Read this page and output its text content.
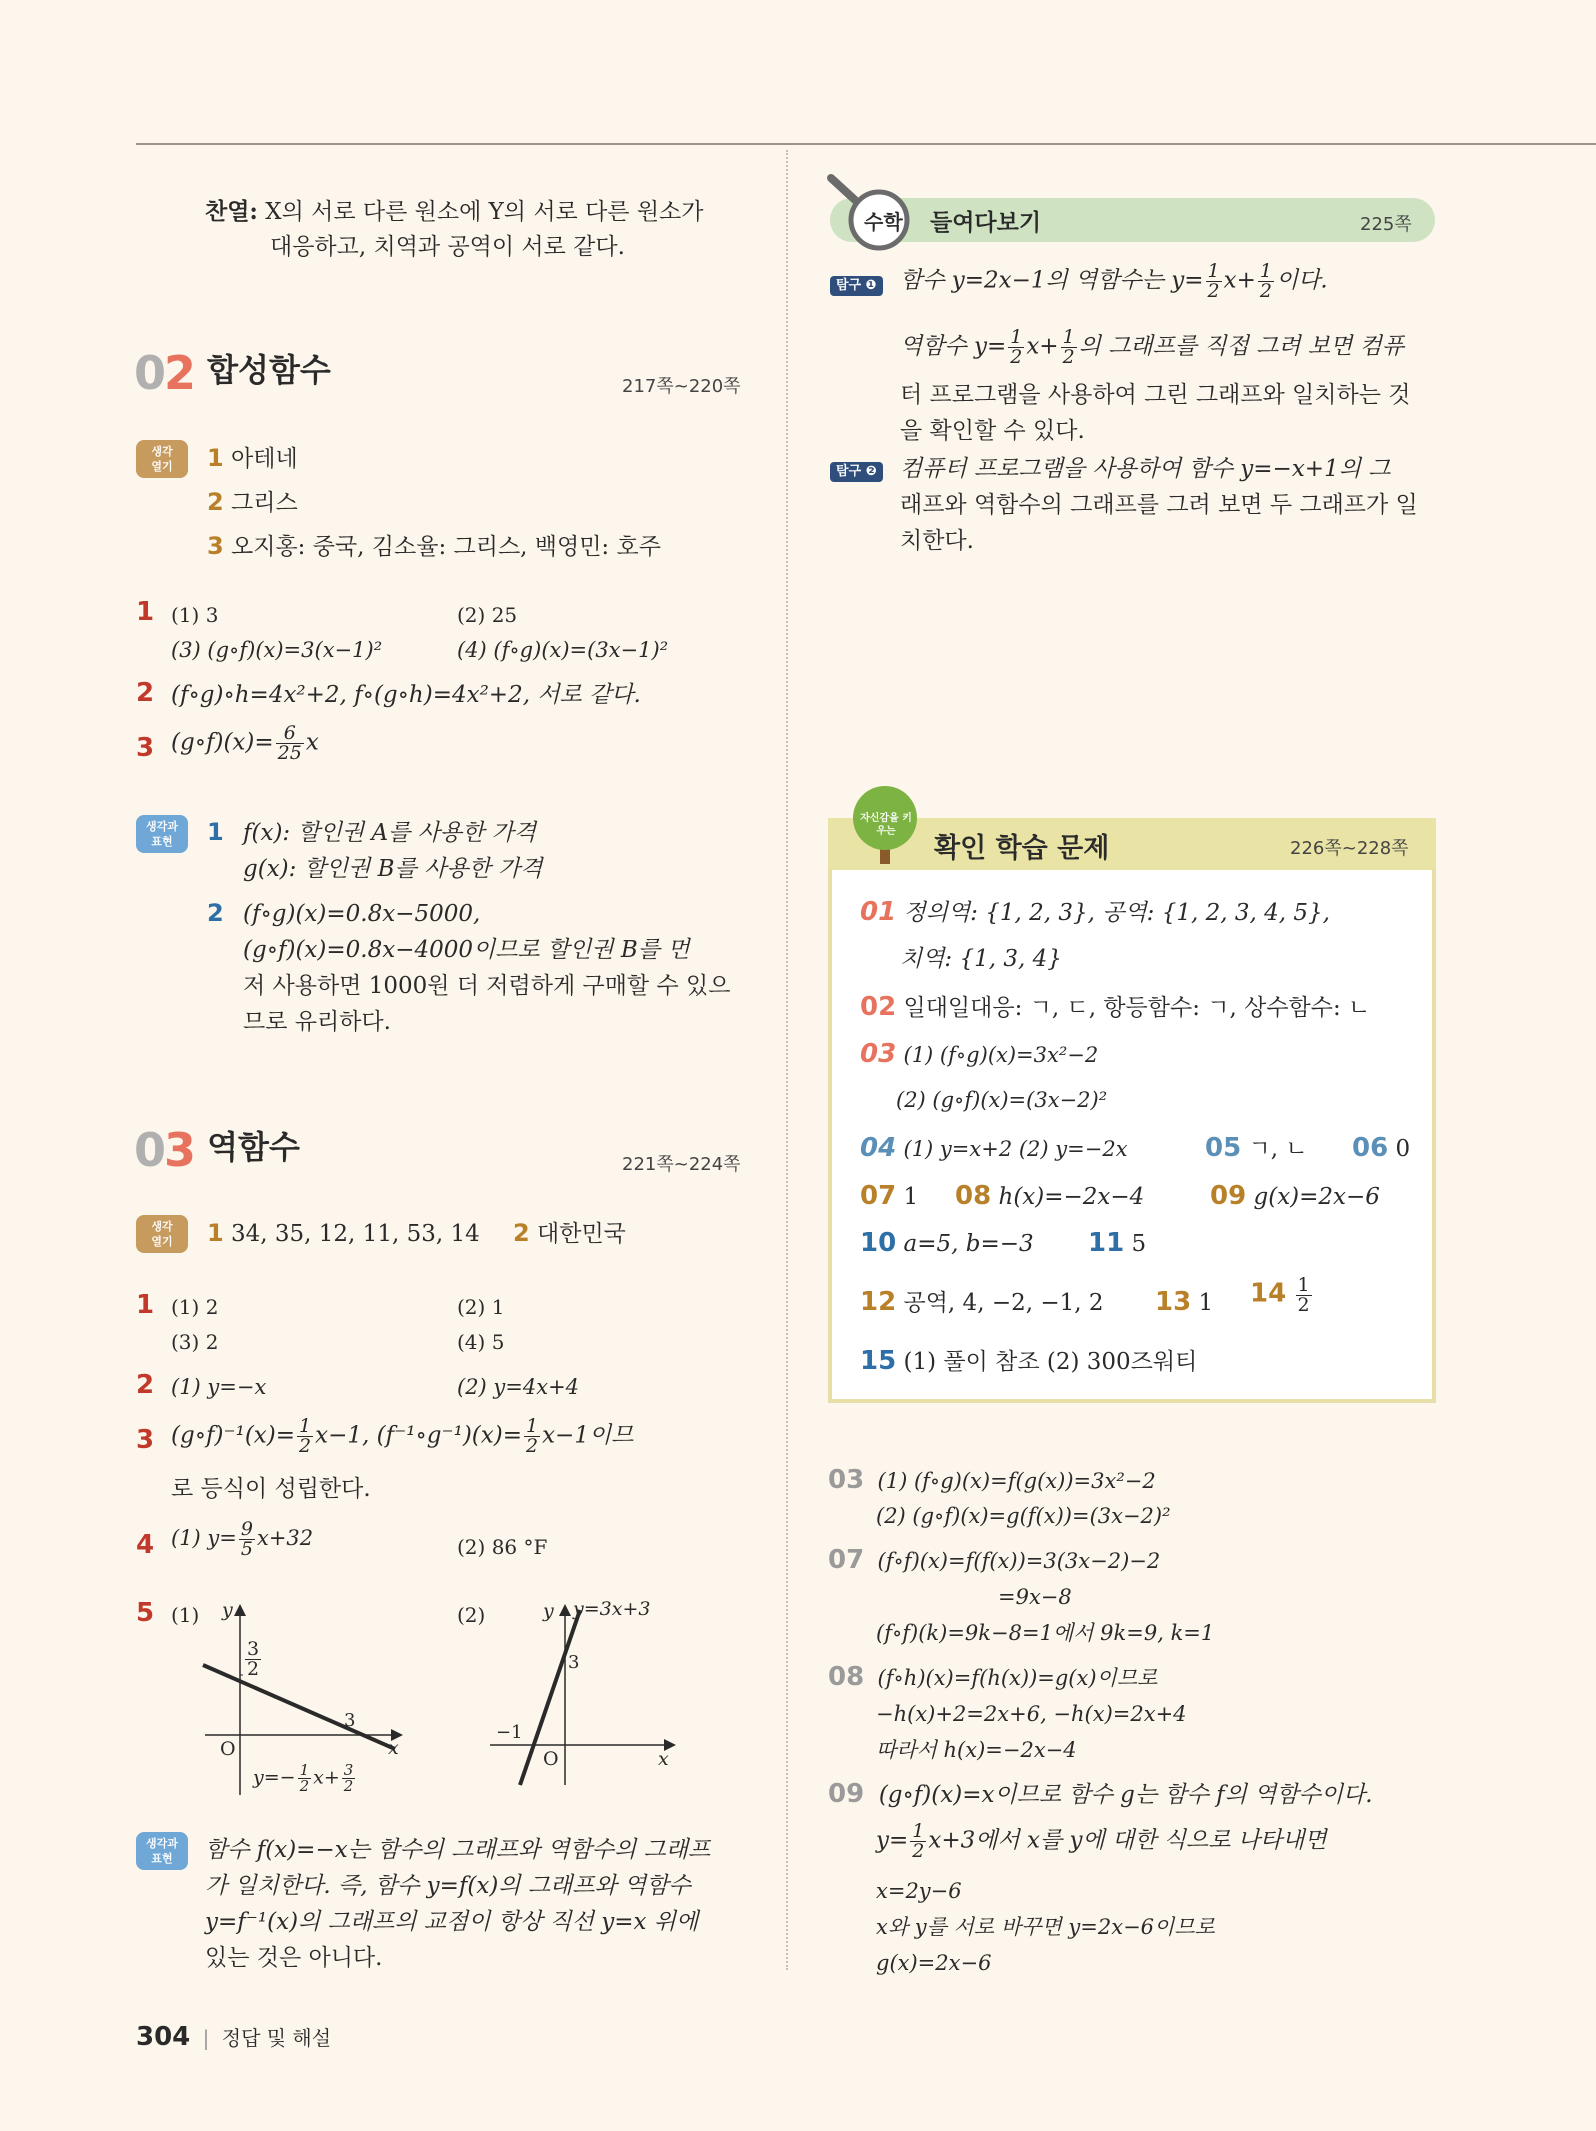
찬열: X의 서로 다른 원소에 Y의 서로 다른 원소가
대응하고, 치역과 공역이 서로 같다.
02 합성함수	217쪽~220쪽
생각
열기	1 아테네
2 그리스
3 오지홍: 중국, 김소율: 그리스, 백영민: 호주
1 (1) 3	(2) 25
(3) (g∘f)(x)=3(x−1)²	(4) (f∘g)(x)=(3x−1)²
2 (f∘g)∘h=4x²+2, f∘(g∘h)=4x²+2, 서로 같다.
3 (g∘f)(x)= $\frac{6}{25}$ x
생각과
표현	1 f(x): 할인권 A를 사용한 가격
g(x): 할인권 B를 사용한 가격
2 (f∘g)(x)=0.8x−5000,
(g∘f)(x)=0.8x−4000이므로 할인권 B를 먼
저 사용하면 1000원 더 저렴하게 구매할 수 있으
므로 유리하다.
03 역함수	221쪽~224쪽
생각
열기	1 34, 35, 12, 11, 53, 14 2 대한민국
1 (1) 2	(2) 1
(3) 2	(4) 5
2 (1) y=−x	(2) y=4x+4
3 (g∘f)⁻¹(x)= $\frac{1}{2} x-1$, (f⁻¹∘g⁻¹)(x)= $\frac{1}{2} x-1$이므
로 등식이 성립한다.
4 (1) $y= \frac{9}{5} x+32$	(2) 86 °F
5 (1)	(2)
y
x
O
3
$\frac{3}{2}$
$y=- \frac{1}{2} x+ \frac{3}{2}$
y y=3x+3
3
−1
O	x
생각과
표현	함수 f(x)=−x는 함수의 그래프와 역함수의 그래프
가 일치한다. 즉, 함수 y=f(x)의 그래프와 역함수
y=f⁻¹(x)의 그래프의 교점이 항상 직선 y=x 위에
있는 것은 아니다.
304 | 정답 및 해설
수학 들여다보기	225쪽
탐구 ❶ 함수 y=2x−1의 역함수는 $y= \frac{1}{2} x+ \frac{1}{2}$ 이다.
역함수 $y= \frac{1}{2} x+ \frac{1}{2}$ 의 그래프를 직접 그려 보면 컴퓨
터 프로그램을 사용하여 그린 그래프와 일치하는 것
을 확인할 수 있다.
탐구 ❷ 컴퓨터 프로그램을 사용하여 함수 y=−x+1의 그
래프와 역함수의 그래프를 그려 보면 두 그래프가 일
치한다.
자신감을 키우는
확인 학습 문제	226쪽~228쪽
01 정의역: {1, 2, 3}, 공역: {1, 2, 3, 4, 5},
치역: {1, 3, 4}
02 일대일대응: ㄱ, ㄷ, 항등함수: ㄱ, 상수함수: ㄴ
03 (1) (f∘g)(x)=3x²−2
(2) (g∘f)(x)=(3x−2)²
04 (1) y=x+2 (2) y=−2x	05 ㄱ, ㄴ 06 0
07 1 08 h(x)=−2x−4	09 g(x)=2x−6
10 a=5, b=−3 11 5
12 공역, 4, −2, −1, 2 13 1 $14 \frac{1}{2}$
15 (1) 풀이 참조 (2) 300즈워티
03 (1) (f∘g)(x)=f(g(x))=3x²−2
(2) (g∘f)(x)=g(f(x))=(3x−2)²
07 (f∘f)(x)=f(f(x))=3(3x−2)−2
=9x−8
(f∘f)(k)=9k−8=1에서 9k=9, k=1
08 (f∘h)(x)=f(h(x))=g(x)이므로
−h(x)+2=2x+6, −h(x)=2x+4
따라서 h(x)=−2x−4
09 (g∘f)(x)=x이므로 함수 g는 함수 f의 역함수이다.
$y= \frac{1}{2} x+3$에서 x를 y에 대한 식으로 나타내면
x=2y−6
x와 y를 서로 바꾸면 y=2x−6이므로
g(x)=2x−6
